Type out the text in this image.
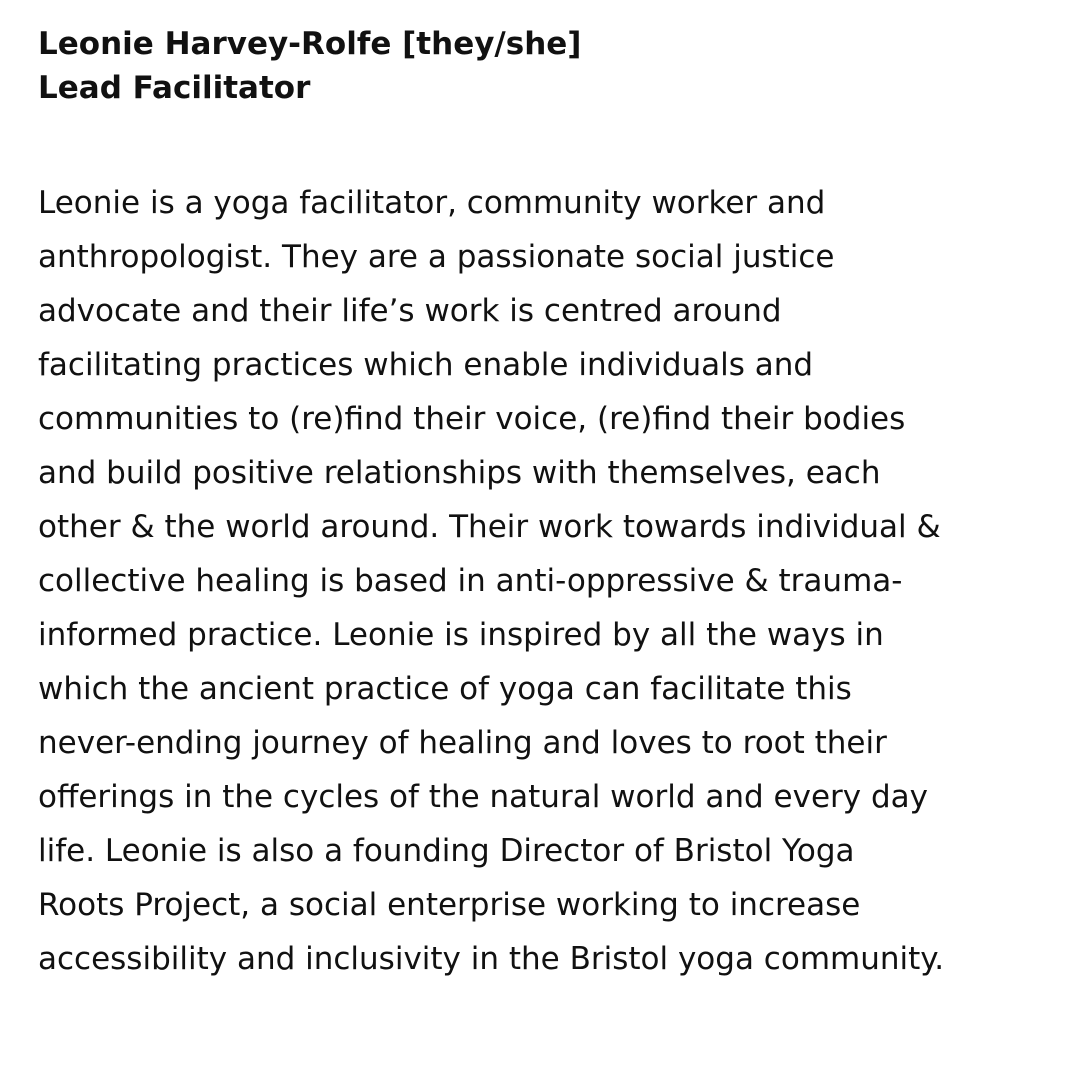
Leonie Harvey-Rolfe [they/she]
Lead Facilitator
Leonie is a yoga facilitator, community worker and
anthropologist. They are a passionate social justice
advocate and their life’s work is centred around
facilitating practices which enable individuals and
communities to (re)find their voice, (re)find their bodies
and build positive relationships with themselves, each
other & the world around. Their work towards individual &
collective healing is based in anti-oppressive & trauma-
informed practice. Leonie is inspired by all the ways in
which the ancient practice of yoga can facilitate this
never-ending journey of healing and loves to root their
offerings in the cycles of the natural world and every day
life. Leonie is also a founding Director of Bristol Yoga
Roots Project, a social enterprise working to increase
accessibility and inclusivity in the Bristol yoga community.
